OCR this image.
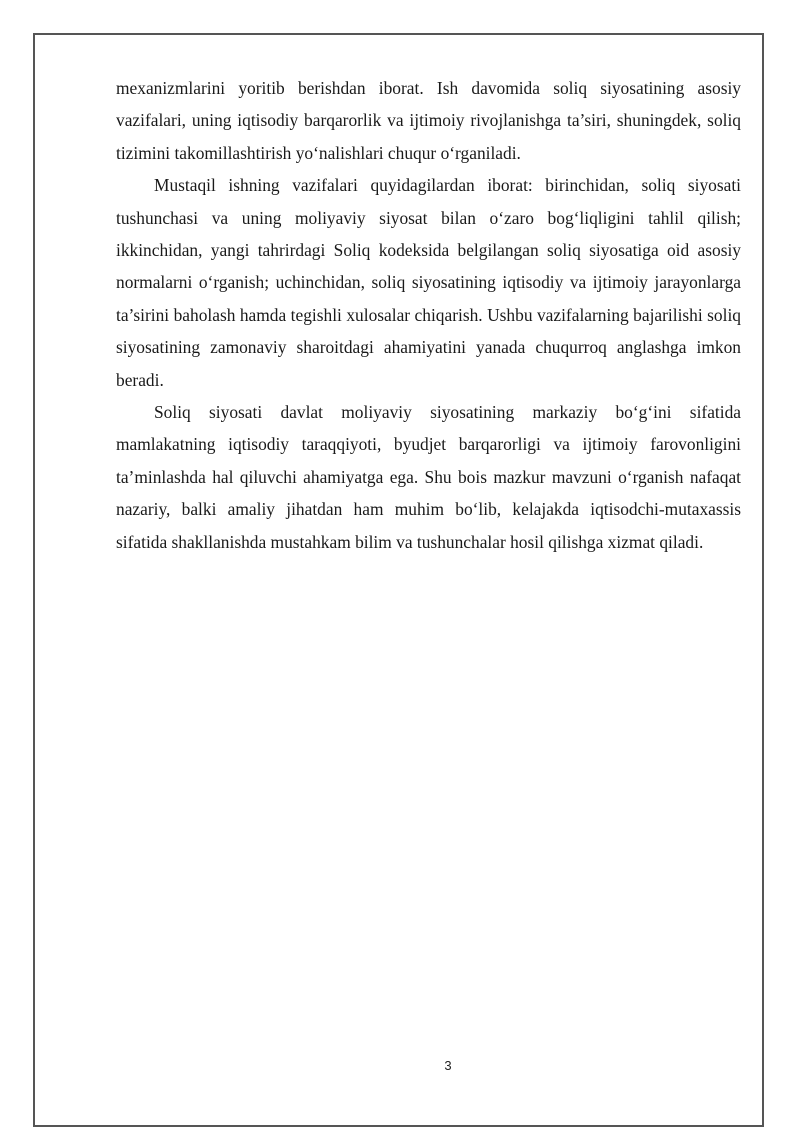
mexanizmlarini yoritib berishdan iborat. Ish davomida soliq siyosatining asosiy vazifalari, uning iqtisodiy barqarorlik va ijtimoiy rivojlanishga ta’siri, shuningdek, soliq tizimini takomillashtirish yo‘nalishlari chuqur o‘rganiladi.

Mustaqil ishning vazifalari quyidagilardan iborat: birinchidan, soliq siyosati tushunchasi va uning moliyaviy siyosat bilan o‘zaro bog‘liqligini tahlil qilish; ikkinchidan, yangi tahrirdagi Soliq kodeksida belgilangan soliq siyosatiga oid asosiy normalarni o‘rganish; uchinchidan, soliq siyosatining iqtisodiy va ijtimoiy jarayonlarga ta’sirini baholash hamda tegishli xulosalar chiqarish. Ushbu vazifalarning bajarilishi soliq siyosatining zamonaviy sharoitdagi ahamiyatini yanada chuqurroq anglashga imkon beradi.

Soliq siyosati davlat moliyaviy siyosatining markaziy bo‘g‘ini sifatida mamlakatning iqtisodiy taraqqiyoti, byudjet barqarorligi va ijtimoiy farovonligini ta’minlashda hal qiluvchi ahamiyatga ega. Shu bois mazkur mavzuni o‘rganish nafaqat nazariy, balki amaliy jihatdan ham muhim bo‘lib, kelajakda iqtisodchi-mutaxassis sifatida shakllanishda mustahkam bilim va tushunchalar hosil qilishga xizmat qiladi.

3
